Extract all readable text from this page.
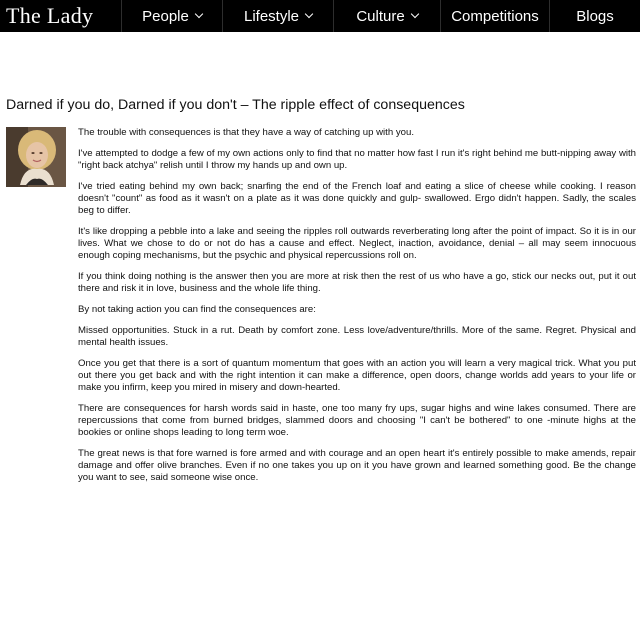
The Lady	People	Lifestyle	Culture	Competitions Blogs
Darned if you do, Darned if you don't – The ripple effect of consequences

The trouble with consequences is that they have a way of catching up with you.

I've attempted to dodge a few of my own actions only to find that no matter how fast I run it's right behind me butt-nipping away with "right back atchya" relish until I throw my hands up and own up.

I've tried eating behind my own back; snarfing the end of the French loaf and eating a slice of cheese while cooking. I reason doesn't "count" as food as it wasn't on a plate as it was done quickly and gulp- swallowed. Ergo didn't happen. Sadly, the scales beg to differ.

It's like dropping a pebble into a lake and seeing the ripples roll outwards reverberating long after the point of impact. So it is in our lives. What we chose to do or not do has a cause and effect. Neglect, inaction, avoidance, denial – all may seem innocuous enough coping mechanisms, but the psychic and physical repercussions roll on.

If you think doing nothing is the answer then you are more at risk then the rest of us who have a go, stick our necks out, put it out there and risk it in love, business and the whole life thing.

By not taking action you can find the consequences are:

Missed opportunities. Stuck in a rut. Death by comfort zone. Less love/adventure/thrills. More of the same. Regret. Physical and mental health issues.

Once you get that there is a sort of quantum momentum that goes with an action you will learn a very magical trick. What you put out there you get back and with the right intention it can make a difference, open doors, change worlds add years to your life or make you infirm, keep you mired in misery and down-hearted.

There are consequences for harsh words said in haste, one too many fry ups, sugar highs and wine lakes consumed. There are repercussions that come from burned bridges, slammed doors and choosing "I can't be bothered" to one -minute highs at the bookies or online shops leading to long term woe.

The great news is that fore warned is fore armed and with courage and an open heart it's entirely possible to make amends, repair damage and offer olive branches. Even if no one takes you up on it you have grown and learned something good. Be the change you want to see, said someone wise once.
